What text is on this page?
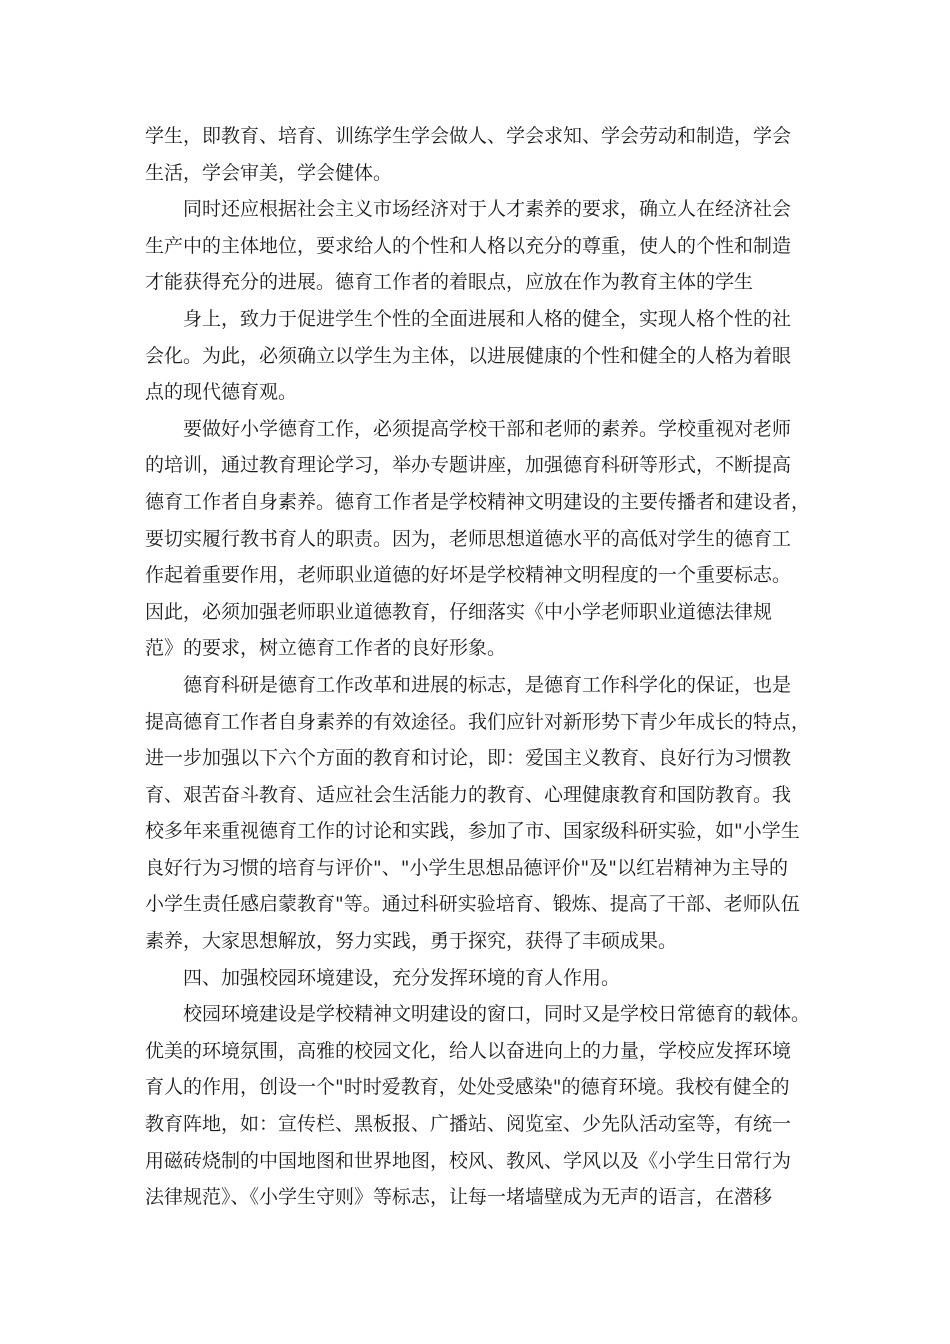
学生，即教育、培育、训练学生学会做人、学会求知、学会劳动和制造，学会
生活，学会审美，学会健体。
同时还应根据社会主义市场经济对于人才素养的要求，确立人在经济社会
生产中的主体地位，要求给人的个性和人格以充分的尊重，使人的个性和制造
才能获得充分的进展。德育工作者的着眼点，应放在作为教育主体的学生
身上，致力于促进学生个性的全面进展和人格的健全，实现人格个性的社
会化。为此，必须确立以学生为主体，以进展健康的个性和健全的人格为着眼
点的现代德育观。
要做好小学德育工作，必须提高学校干部和老师的素养。学校重视对老师
的培训，通过教育理论学习，举办专题讲座，加强德育科研等形式，不断提高
德育工作者自身素养。德育工作者是学校精神文明建设的主要传播者和建设者，
要切实履行教书育人的职责。因为，老师思想道德水平的高低对学生的德育工
作起着重要作用，老师职业道德的好坏是学校精神文明程度的一个重要标志。
因此，必须加强老师职业道德教育，仔细落实《中小学老师职业道德法律规
范》的要求，树立德育工作者的良好形象。
德育科研是德育工作改革和进展的标志，是德育工作科学化的保证，也是
提高德育工作者自身素养的有效途径。我们应针对新形势下青少年成长的特点，
进一步加强以下六个方面的教育和讨论，即：爱国主义教育、良好行为习惯教
育、艰苦奋斗教育、适应社会生活能力的教育、心理健康教育和国防教育。我
校多年来重视德育工作的讨论和实践，参加了市、国家级科研实验，如"小学生
良好行为习惯的培育与评价"、"小学生思想品德评价"及"以红岩精神为主导的
小学生责任感启蒙教育"等。通过科研实验培育、锻炼、提高了干部、老师队伍
素养，大家思想解放，努力实践，勇于探究，获得了丰硕成果。
四、加强校园环境建设，充分发挥环境的育人作用。
校园环境建设是学校精神文明建设的窗口，同时又是学校日常德育的载体。
优美的环境氛围，高雅的校园文化，给人以奋进向上的力量，学校应发挥环境
育人的作用，创设一个"时时爱教育，处处受感染"的德育环境。我校有健全的
教育阵地，如：宣传栏、黑板报、广播站、阅览室、少先队活动室等，有统一
用磁砖烧制的中国地图和世界地图，校风、教风、学风以及《小学生日常行为
法律规范》、《小学生守则》等标志，让每一堵墙壁成为无声的语言，在潜移
